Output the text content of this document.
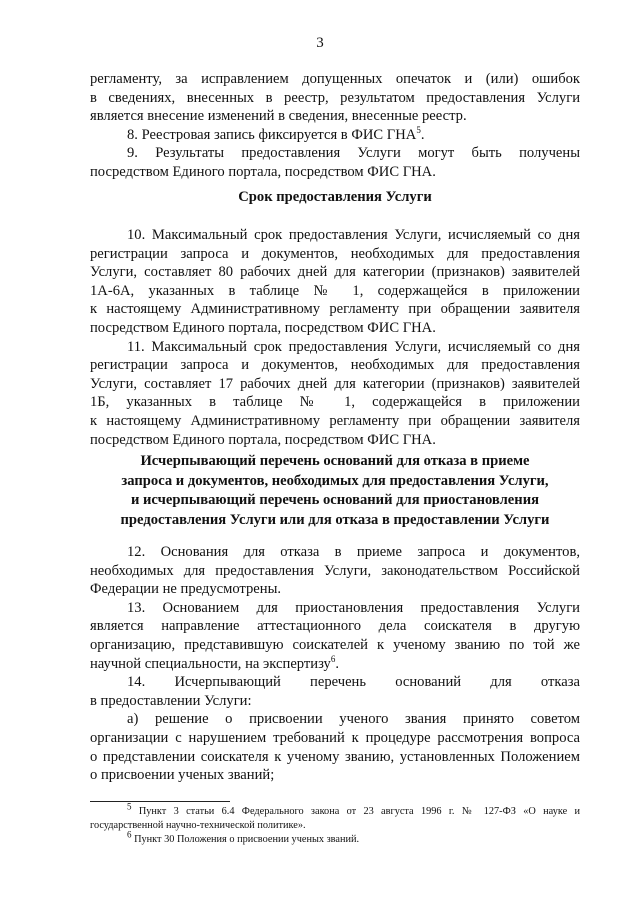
3
регламенту, за исправлением допущенных опечаток и (или) ошибок
в сведениях, внесенных в реестр, результатом предоставления Услуги
является внесение изменений в сведения, внесенные реестр.
8. Реестровая запись фиксируется в ФИС ГНА$^5$.
9. Результаты предоставления Услуги могут быть получены
посредством Единого портала, посредством ФИС ГНА.
Срок предоставления Услуги
10. Максимальный срок предоставления Услуги, исчисляемый со дня
регистрации запроса и документов, необходимых для предоставления
Услуги, составляет 80 рабочих дней для категории (признаков) заявителей
1А-6А, указанных в таблице № 1, содержащейся в приложении
к настоящему Административному регламенту при обращении заявителя
посредством Единого портала, посредством ФИС ГНА.
11. Максимальный срок предоставления Услуги, исчисляемый со дня
регистрации запроса и документов, необходимых для предоставления
Услуги, составляет 17 рабочих дней для категории (признаков) заявителей
1Б, указанных в таблице № 1, содержащейся в приложении
к настоящему Административному регламенту при обращении заявителя
посредством Единого портала, посредством ФИС ГНА.
Исчерпывающий перечень оснований для отказа в приеме
запроса и документов, необходимых для предоставления Услуги,
и исчерпывающий перечень оснований для приостановления
предоставления Услуги или для отказа в предоставлении Услуги
12. Основания для отказа в приеме запроса и документов,
необходимых для предоставления Услуги, законодательством Российской
Федерации не предусмотрены.
13. Основанием для приостановления предоставления Услуги
является направление аттестационного дела соискателя в другую
организацию, представившую соискателей к ученому званию по той же
научной специальности, на экспертизу$^6$.
14. Исчерпывающий перечень оснований для отказа
в предоставлении Услуги:
а) решение о присвоении ученого звания принято советом
организации с нарушением требований к процедуре рассмотрения вопроса
о представлении соискателя к ученому званию, установленных Положением
о присвоении ученых званий;
$^5$ Пункт 3 статьи 6.4 Федерального закона от 23 августа 1996 г. № 127-ФЗ «О науке и
государственной научно-технической политике».
$^6$ Пункт 30 Положения о присвоении ученых званий.
